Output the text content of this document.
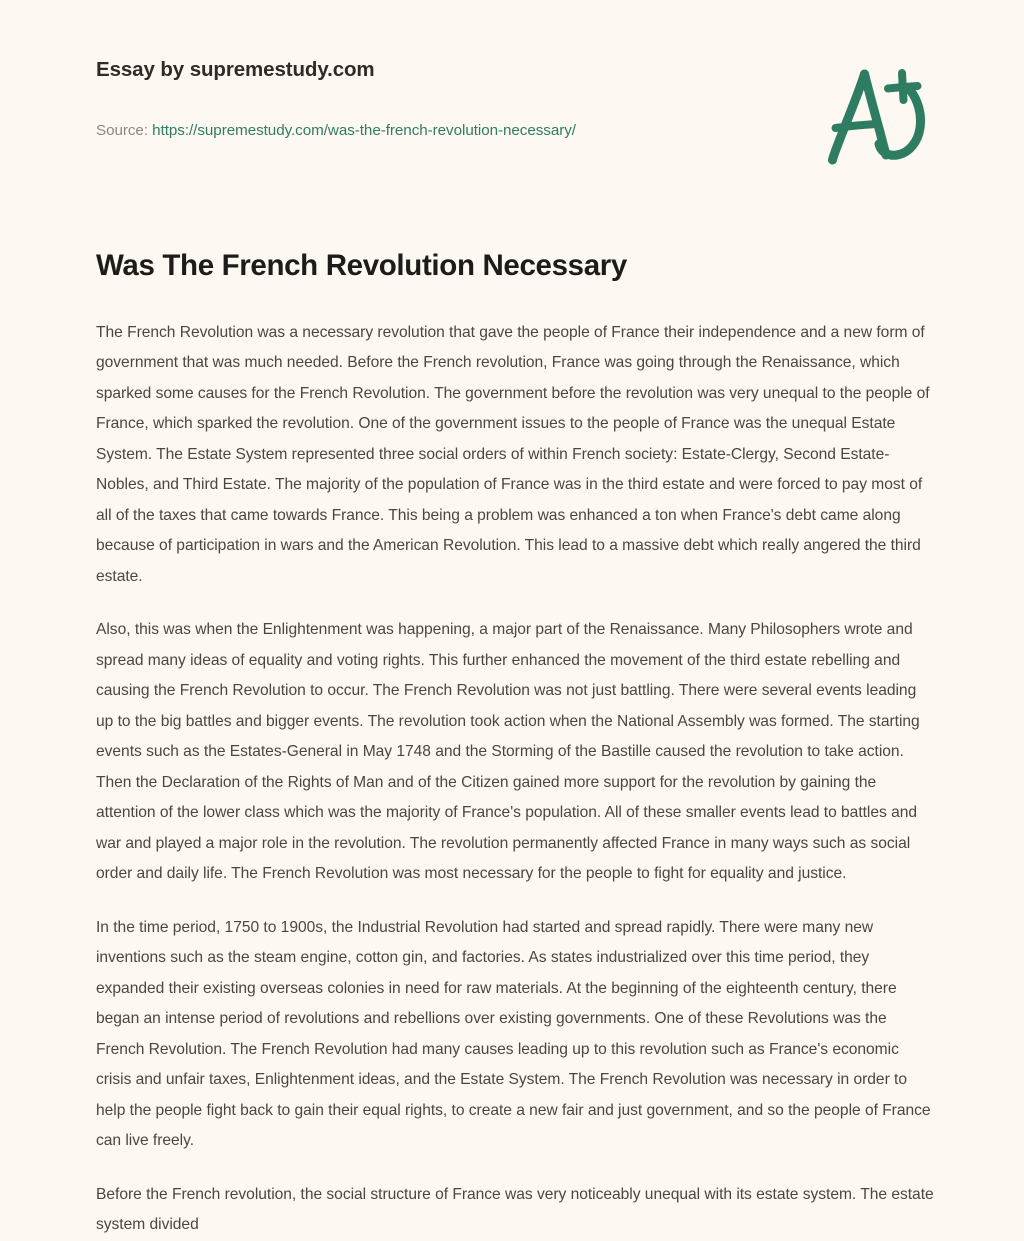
Essay by supremestudy.com
Source: https://supremestudy.com/was-the-french-revolution-necessary/
Was The French Revolution Necessary

The French Revolution was a necessary revolution that gave the people of France their independence and a new form of government that was much needed. Before the French revolution, France was going through the Renaissance, which sparked some causes for the French Revolution. The government before the revolution was very unequal to the people of France, which sparked the revolution. One of the government issues to the people of France was the unequal Estate System. The Estate System represented three social orders of within French society: Estate-Clergy, Second Estate-Nobles, and Third Estate. The majority of the population of France was in the third estate and were forced to pay most of all of the taxes that came towards France. This being a problem was enhanced a ton when France's debt came along because of participation in wars and the American Revolution. This lead to a massive debt which really angered the third estate.

Also, this was when the Enlightenment was happening, a major part of the Renaissance. Many Philosophers wrote and spread many ideas of equality and voting rights. This further enhanced the movement of the third estate rebelling and causing the French Revolution to occur. The French Revolution was not just battling. There were several events leading up to the big battles and bigger events. The revolution took action when the National Assembly was formed. The starting events such as the Estates-General in May 1748 and the Storming of the Bastille caused the revolution to take action. Then the Declaration of the Rights of Man and of the Citizen gained more support for the revolution by gaining the attention of the lower class which was the majority of France's population. All of these smaller events lead to battles and war and played a major role in the revolution. The revolution permanently affected France in many ways such as social order and daily life. The French Revolution was most necessary for the people to fight for equality and justice.

In the time period, 1750 to 1900s, the Industrial Revolution had started and spread rapidly. There were many new inventions such as the steam engine, cotton gin, and factories. As states industrialized over this time period, they expanded their existing overseas colonies in need for raw materials. At the beginning of the eighteenth century, there began an intense period of revolutions and rebellions over existing governments. One of these Revolutions was the French Revolution. The French Revolution had many causes leading up to this revolution such as France's economic crisis and unfair taxes, Enlightenment ideas, and the Estate System. The French Revolution was necessary in order to help the people fight back to gain their equal rights, to create a new fair and just government, and so the people of France can live freely.

Before the French revolution, the social structure of France was very noticeably unequal with its estate system. The estate system divided
